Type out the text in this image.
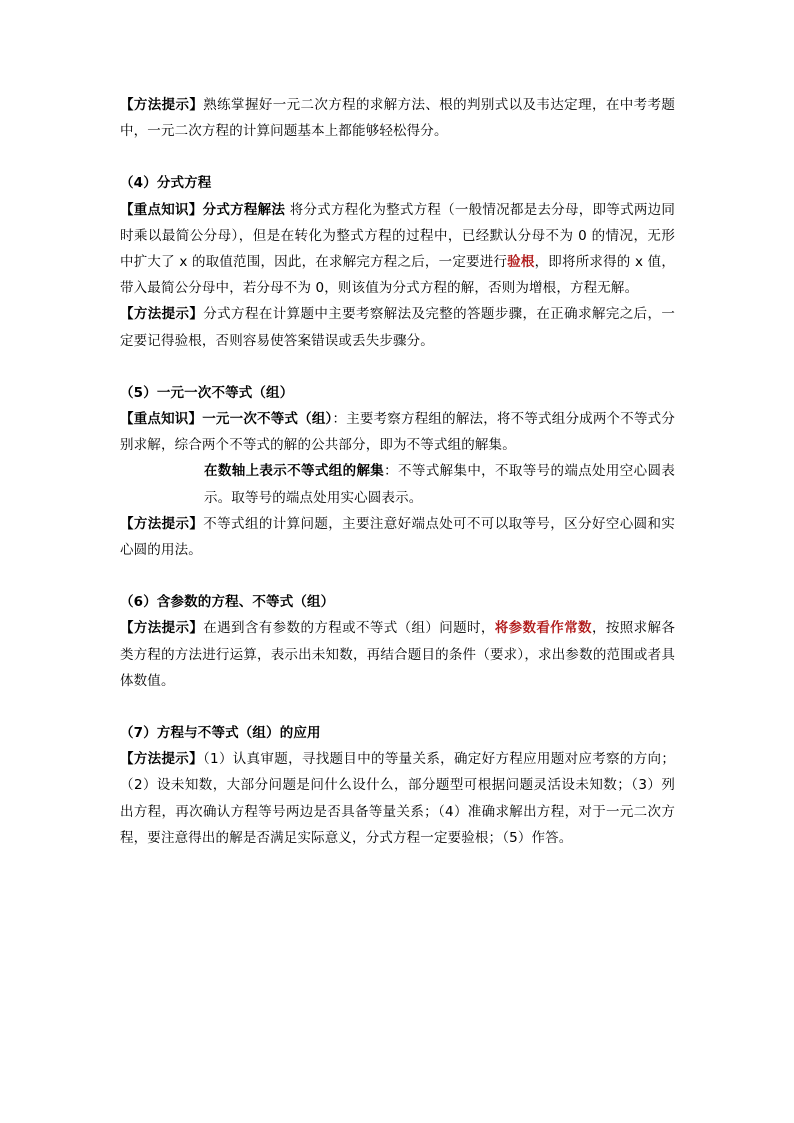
【方法提示】熟练掌握好一元二次方程的求解方法、根的判别式以及韦达定理，在中考考题中，一元二次方程的计算问题基本上都能够轻松得分。

（4）分式方程

【重点知识】分式方程解法 将分式方程化为整式方程（一般情况都是去分母，即等式两边同时乘以最简公分母），但是在转化为整式方程的过程中，已经默认分母不为 0 的情况，无形中扩大了 x 的取值范围，因此，在求解完方程之后，一定要进行验根，即将所求得的 x 值，带入最简公分母中，若分母不为 0，则该值为分式方程的解，否则为增根，方程无解。

【方法提示】分式方程在计算题中主要考察解法及完整的答题步骤，在正确求解完之后，一定要记得验根，否则容易使答案错误或丢失步骤分。

（5）一元一次不等式（组）

【重点知识】一元一次不等式（组）：主要考察方程组的解法，将不等式组分成两个不等式分别求解，综合两个不等式的解的公共部分，即为不等式组的解集。

在数轴上表示不等式组的解集：不等式解集中，不取等号的端点处用空心圆表示。取等号的端点处用实心圆表示。

【方法提示】不等式组的计算问题，主要注意好端点处可不可以取等号，区分好空心圆和实心圆的用法。

（6）含参数的方程、不等式（组）

【方法提示】在遇到含有参数的方程或不等式（组）问题时，将参数看作常数，按照求解各类方程的方法进行运算，表示出未知数，再结合题目的条件（要求），求出参数的范围或者具体数值。

（7）方程与不等式（组）的应用

【方法提示】（1）认真审题，寻找题目中的等量关系，确定好方程应用题对应考察的方向；（2）设未知数，大部分问题是问什么设什么，部分题型可根据问题灵活设未知数；（3）列出方程，再次确认方程等号两边是否具备等量关系；（4）准确求解出方程，对于一元二次方程，要注意得出的解是否满足实际意义，分式方程一定要验根；（5）作答。
